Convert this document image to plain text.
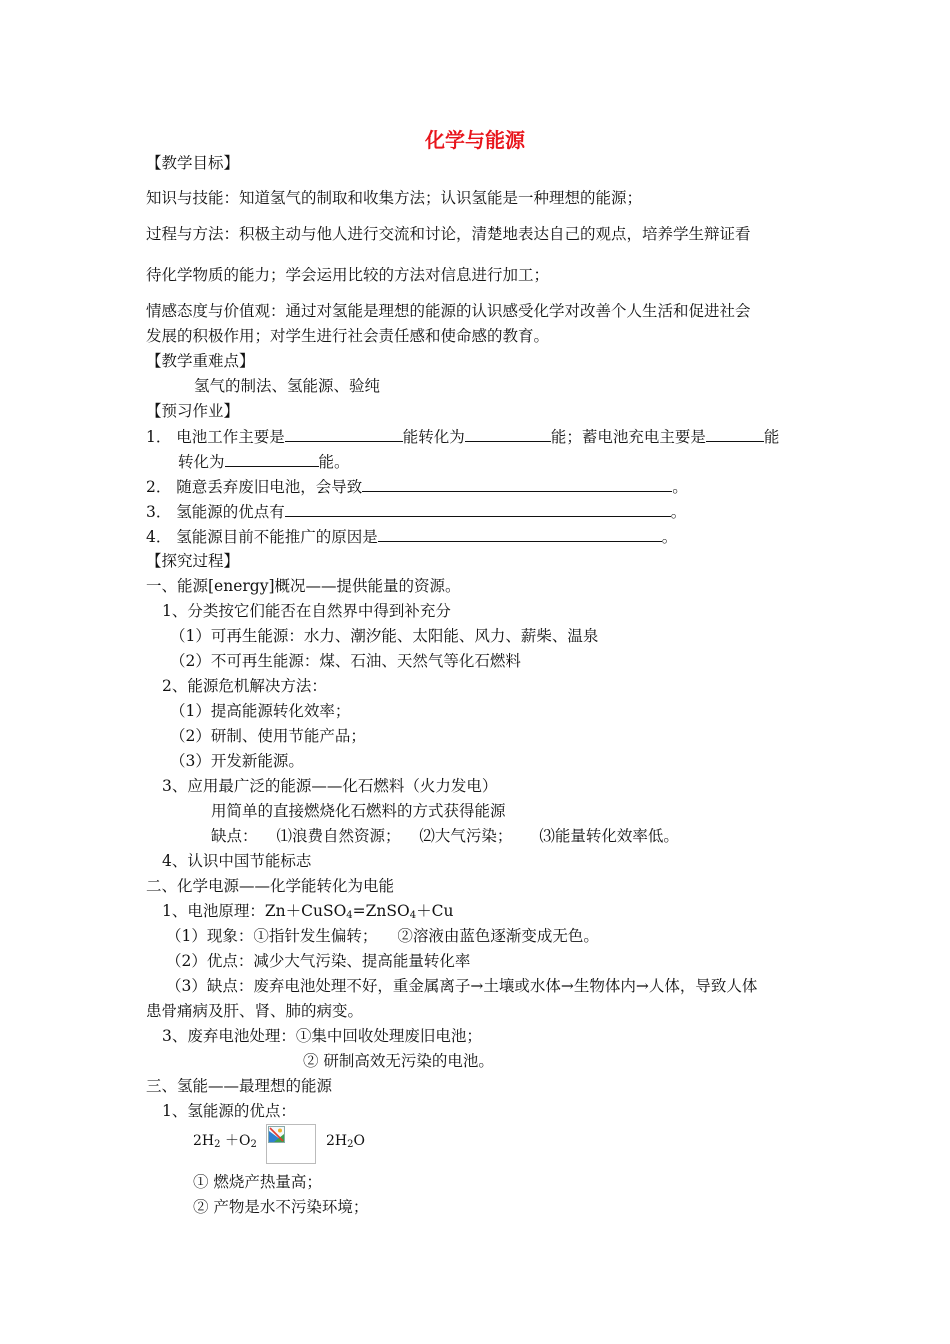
化学与能源
【教学目标】
知识与技能：知道氢气的制取和收集方法；认识氢能是一种理想的能源；
过程与方法：积极主动与他人进行交流和讨论，清楚地表达自己的观点，培养学生辩证看
待化学物质的能力；学会运用比较的方法对信息进行加工；
情感态度与价值观：通过对氢能是理想的能源的认识感受化学对改善个人生活和促进社会
发展的积极作用；对学生进行社会责任感和使命感的教育。
【教学重难点】
氢气的制法、氢能源、验纯
【预习作业】
1． 电池工作主要是	能转化为	能；蓄电池充电主要是	能
转化为	能。
2． 随意丢弃废旧电池，会导致	。
3． 氢能源的优点有	。
4． 氢能源目前不能推广的原因是	。
【探究过程】
一、能源[energy]概况——提供能量的资源。
1、分类按它们能否在自然界中得到补充分
（1）可再生能源：水力、潮汐能、太阳能、风力、薪柴、温泉
（2）不可再生能源：煤、石油、天然气等化石燃料
2、能源危机解决方法：
（1）提高能源转化效率；
（2）研制、使用节能产品；
（3）开发新能源。
3、应用最广泛的能源——化石燃料（火力发电）
用简单的直接燃烧化石燃料的方式获得能源
缺点： ⑴浪费自然资源； ⑵大气污染； ⑶能量转化效率低。
4、认识中国节能标志
二、化学电源——化学能转化为电能
1、电池原理：Zn＋CuSO$_4$=ZnSO$_4$＋Cu
（1）现象：①指针发生偏转； ②溶液由蓝色逐渐变成无色。
（2）优点：减少大气污染、提高能量转化率
（3）缺点：废弃电池处理不好，重金属离子→土壤或水体→生物体内→人体，导致人体
患骨痛病及肝、肾、肺的病变。
3、废弃电池处理：①集中回收处理废旧电池；
② 研制高效无污染的电池。
三、氢能——最理想的能源
1、氢能源的优点：
$2H_2 +O_2$	$2H_2O$
① 燃烧产热量高；
② 产物是水不污染环境；
